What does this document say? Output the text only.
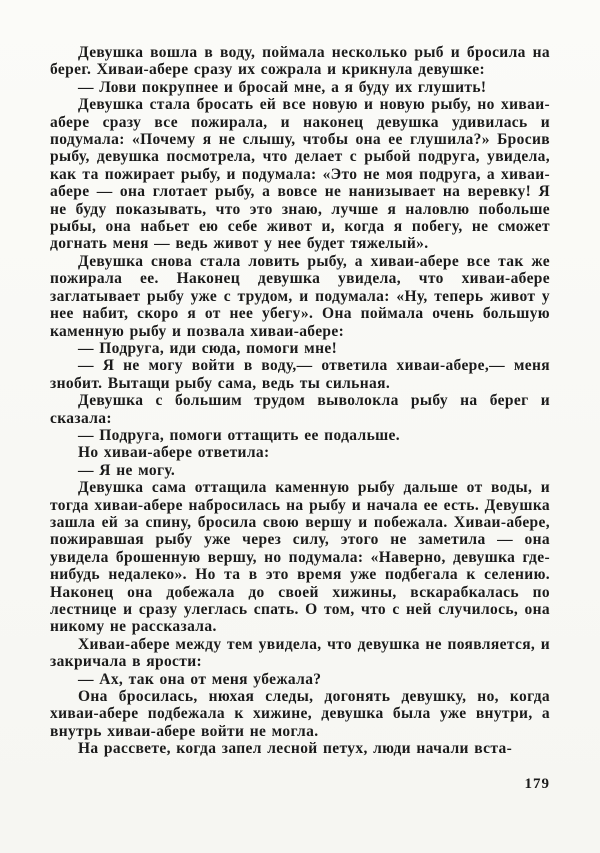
Девушка вошла в воду, поймала несколько рыб и бросила на берег. Хиваи-абере сразу их сожрала и крикнула девушке:

— Лови покрупнее и бросай мне, а я буду их глушить!

Девушка стала бросать ей все новую и новую рыбу, но хиваи-абере сразу все пожирала, и наконец девушка удивилась и подумала: «Почему я не слышу, чтобы она ее глушила?» Бросив рыбу, девушка посмотрела, что делает с рыбой подруга, увидела, как та пожирает рыбу, и подумала: «Это не моя подруга, а хиваи-абере — она глотает рыбу, а вовсе не нанизывает на веревку! Я не буду показывать, что это знаю, лучше я наловлю побольше рыбы, она набьет ею себе живот и, когда я побегу, не сможет догнать меня — ведь живот у нее будет тяжелый».

Девушка снова стала ловить рыбу, а хиваи-абере все так же пожирала ее. Наконец девушка увидела, что хиваи-абере заглатывает рыбу уже с трудом, и подумала: «Ну, теперь живот у нее набит, скоро я от нее убегу». Она поймала очень большую каменную рыбу и позвала хиваи-абере:

— Подруга, иди сюда, помоги мне!

— Я не могу войти в воду,— ответила хиваи-абере,— меня знобит. Вытащи рыбу сама, ведь ты сильная.

Девушка с большим трудом выволокла рыбу на берег и сказала:

— Подруга, помоги оттащить ее подальше.

Но хиваи-абере ответила:

— Я не могу.

Девушка сама оттащила каменную рыбу дальше от воды, и тогда хиваи-абере набросилась на рыбу и начала ее есть. Девушка зашла ей за спину, бросила свою вершу и побежала. Хиваи-абере, пожиравшая рыбу уже через силу, этого не заметила — она увидела брошенную вершу, но подумала: «Наверно, девушка где-нибудь недалеко». Но та в это время уже подбегала к селению. Наконец она добежала до своей хижины, вскарабкалась по лестнице и сразу улеглась спать. О том, что с ней случилось, она никому не рассказала.

Хиваи-абере между тем увидела, что девушка не появляется, и закричала в ярости:

— Ах, так она от меня убежала?

Она бросилась, нюхая следы, догонять девушку, но, когда хиваи-абере подбежала к хижине, девушка была уже внутри, а внутрь хиваи-абере войти не могла.

На рассвете, когда запел лесной петух, люди начали вста-

179
